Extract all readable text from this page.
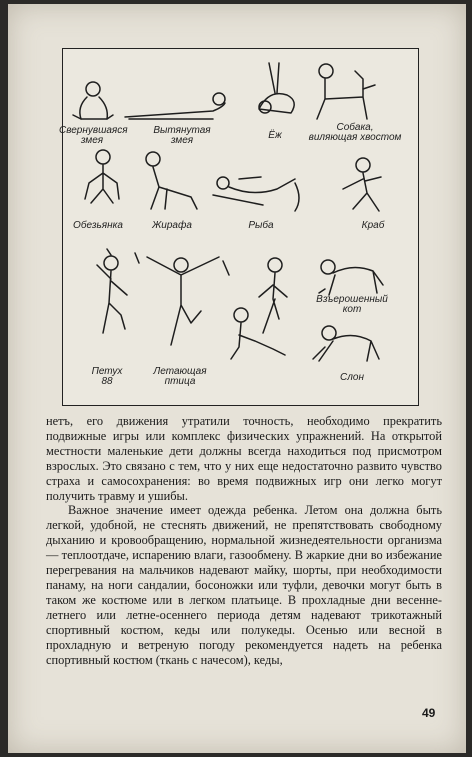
Свернувшаяся
змея
Вытянутая
змея	Ёж
Собака,
виляющая хвостом
Обезьянка	Жирафа	Рыба	Краб
Взъерошенный
кот
Петух
88
Летающая
птица	Слон

нетъ, его движения утратили точность, необходимо прекратить подвижные игры или комплекс физических упражнений. На открытой местности маленькие дети должны всегда находиться под присмотром взрослых. Это связано с тем, что у них еще недостаточно развито чувство страха и самосохранения: во время подвижных игр они легко могут получить травму и ушибы.

Важное значение имеет одежда ребенка. Летом она должна быть легкой, удобной, не стеснять движений, не препятствовать свободному дыханию и кровообращению, нормальной жизнедеятельности организма — теплоотдаче, испарению влаги, газообмену. В жаркие дни во избежание перегревания на мальчиков надевают майку, шорты, при необходимости панаму, на ноги сандалии, босоножки или туфли, девочки могут быть в таком же костюме или в легком платьице. В прохладные дни весенне-летнего или летне-осеннего периода детям надевают трикотажный спортивный костюм, кеды или полукеды. Осенью или весной в прохладную и ветреную погоду рекомендуется надеть на ребенка спортивный костюм (ткань с начесом), кеды,

49
